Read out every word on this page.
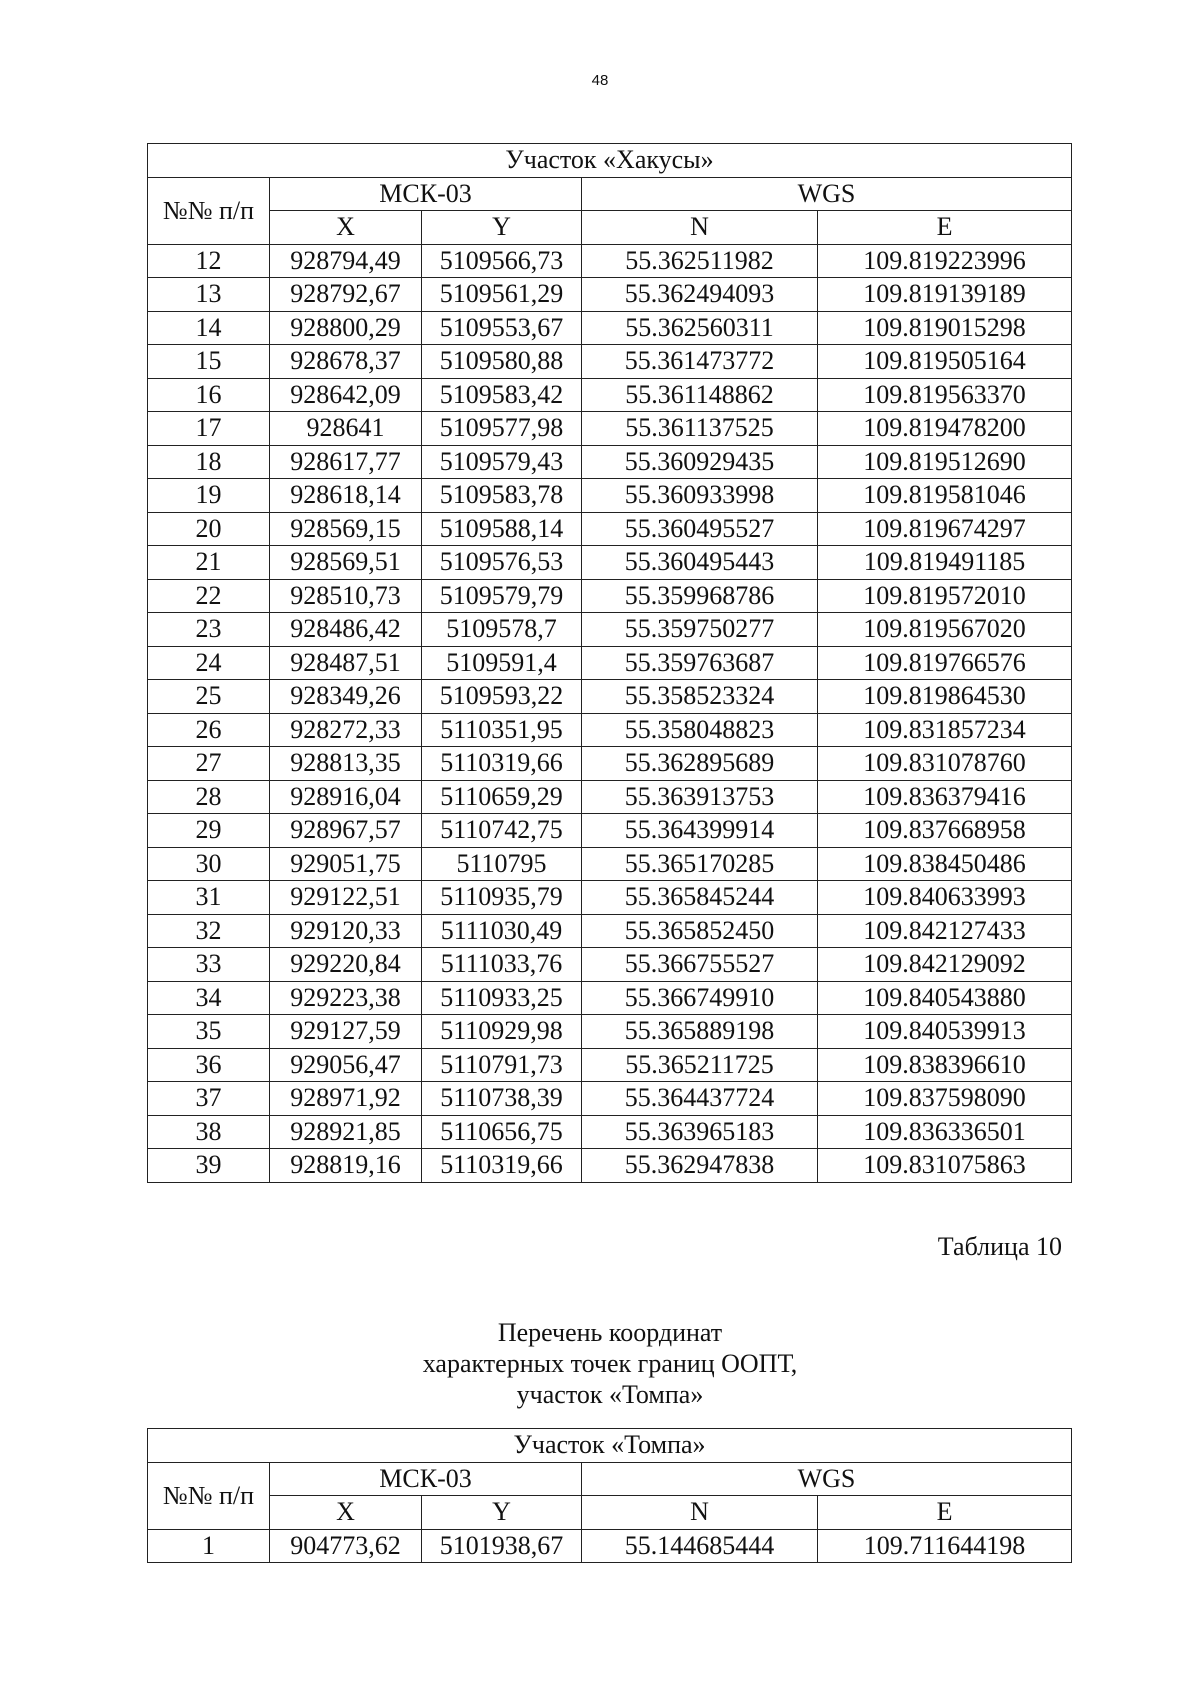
48
Участок «Хакусы»				
№№ п/п	МСК-03		WGS	
	X	Y	N	E
12	928794,49	5109566,73	55.362511982	109.819223996
13	928792,67	5109561,29	55.362494093	109.819139189
14	928800,29	5109553,67	55.362560311	109.819015298
15	928678,37	5109580,88	55.361473772	109.819505164
16	928642,09	5109583,42	55.361148862	109.819563370
17	928641	5109577,98	55.361137525	109.819478200
18	928617,77	5109579,43	55.360929435	109.819512690
19	928618,14	5109583,78	55.360933998	109.819581046
20	928569,15	5109588,14	55.360495527	109.819674297
21	928569,51	5109576,53	55.360495443	109.819491185
22	928510,73	5109579,79	55.359968786	109.819572010
23	928486,42	5109578,7	55.359750277	109.819567020
24	928487,51	5109591,4	55.359763687	109.819766576
25	928349,26	5109593,22	55.358523324	109.819864530
26	928272,33	5110351,95	55.358048823	109.831857234
27	928813,35	5110319,66	55.362895689	109.831078760
28	928916,04	5110659,29	55.363913753	109.836379416
29	928967,57	5110742,75	55.364399914	109.837668958
30	929051,75	5110795	55.365170285	109.838450486
31	929122,51	5110935,79	55.365845244	109.840633993
32	929120,33	5111030,49	55.365852450	109.842127433
33	929220,84	5111033,76	55.366755527	109.842129092
34	929223,38	5110933,25	55.366749910	109.840543880
35	929127,59	5110929,98	55.365889198	109.840539913
36	929056,47	5110791,73	55.365211725	109.838396610
37	928971,92	5110738,39	55.364437724	109.837598090
38	928921,85	5110656,75	55.363965183	109.836336501
39	928819,16	5110319,66	55.362947838	109.831075863
Таблица 10
Перечень координат
характерных точек границ ООПТ,
участок «Томпа»
Участок «Томпа»				
№№ п/п	МСК-03		WGS	
	X	Y	N	E
1	904773,62	5101938,67	55.144685444	109.711644198
